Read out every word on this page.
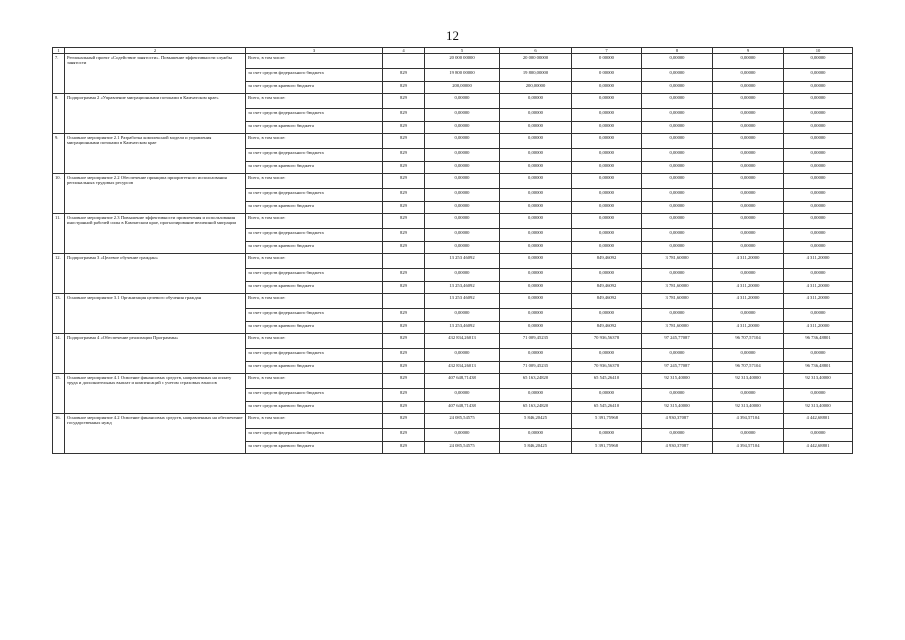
12
1	2	3	4	5	6	7	8	9	10
7.	Региональный проект «Содействие занятости». Повышение эффективности службы занятости	Всего, в том числе:		20 000 00000	20 000 00000	0 00000	0,00000	0,00000	0,00000
		за счет средств федерального бюджета	829	19 800 00000	19 800,00000	0 00000	0,00000	0,00000	0,00000
		за счет средств краевого бюджета	829	200,00000	200,00000	0,00000	0,00000	0,00000	0,00000
8.	Подпрограмма 2 «Управление миграционными потоками в Камчатском крае»	Всего, в том числе:	829	0,00000	0,00000	0,00000	0,00000	0,00000	0,00000
		за счет средств федерального бюджета	829	0,00000	0,00000	0,00000	0,00000	0,00000	0,00000
		за счет средств краевого бюджета	829	0,00000	0,00000	0,00000	0,00000	0,00000	0,00000
9.	Основное мероприятие 2.1 Разработка комплексной модели и управления миграционными потоками в Камчатском крае	Всего, в том числе:	829	0,00000	0,00000	0,00000	0,00000	0,00000	0,00000
		за счет средств федерального бюджета	829	0,00000	0,00000	0,00000	0,00000	0,00000	0,00000
		за счет средств краевого бюджета	829	0,00000	0,00000	0,00000	0,00000	0,00000	0,00000
10.	Основное мероприятие 2.2 Обеспечение принципа приоритетного использования региональных трудовых ресурсов	Всего, в том числе:	829	0,00000	0,00000	0,00000	0,00000	0,00000	0,00000
		за счет средств федерального бюджета	829	0,00000	0,00000	0,00000	0,00000	0,00000	0,00000
		за счет средств краевого бюджета	829	0,00000	0,00000	0,00000	0,00000	0,00000	0,00000
11.	Основное мероприятие 2.3 Повышение эффективности привлечения и использования иностранной рабочей силы в Камчатском крае, прогнозирование величиной миграции	Всего, в том числе:	829	0,00000	0,00000	0,00000	0,00000	0,00000	0,00000
		за счет средств федерального бюджета	829	0,00000	0,00000	0,00000	0,00000	0,00000	0,00000
		за счет средств краевого бюджета	829	0,00000	0,00000	0,00000	0,00000	0,00000	0,00000
12.	Подпрограмма 3 «Целевое обучение граждан»	Всего, в том числе:		13 253 46092	0,00000	849,46092	3 781,60000	4 311,20000	4 311,20000
		за счет средств федерального бюджета	829	0,00000	0,00000	0,00000	0,00000	0,00000	0,00000
		за счет средств краевого бюджета	829	13 253,46092	0,00000	849,46092	3 781,60000	4 311,20000	4 311,20000
13.	Основное мероприятие 3.1 Организация целевого обучения граждан	Всего, в том числе:		13 253 46092	0,00000	849,46092	3 781,60000	4 311,20000	4 311,20000
		за счет средств федерального бюджета	829	0,00000	0,00000	0,00000	0,00000	0,00000	0,00000
		за счет средств краевого бюджета	829	13 253,46092	0,00000	849,46092	3 781,60000	4 311,20000	4 311,20000
14.	Подпрограмма 4 «Обеспечение реализации Программы»	Всего, в том числе:	829	432 834,26013	71 009,45235	70 936,56378	97 245,77087	96 707,57104	96 736,48801
		за счет средств федерального бюджета	829	0,00000	0,00000	0,00000	0,00000	0,00000	0,00000
		за счет средств краевого бюджета	829	432 834,26013	71 009,45235	70 936,56378	97 245,77087	96 707,57104	96 736,48801
15.	Основное мероприятие 4.1 Освоение финансовых средств, направленных на оплату труда и дополнительных выплат и компенсаций с учетом страховых взносов	Всего, в том числе:	829	407 648,71438	65 163,24820	65 545,26410	92 315,40000	92 313,40000	92 313,40000
		за счет средств федерального бюджета	829	0,00000	0,00000	0,00000	0,00000	0,00000	0,00000
		за счет средств краевого бюджета	829	407 648,71438	65 163,24820	65 545,26410	92 315,40000	92 313,40000	92 313,40000
16.	Основное мероприятие 4.2 Освоение финансовых средств, направленных на обеспечение государственных нужд	Всего, в том числе:	829	24 085,54575	5 846,20425	5 391,75968	4 930,37087	4 394,57104	4 442,68801
		за счет средств федерального бюджета	829	0,00000	0,00000	0,00000	0,00000	0,00000	0,00000
		за счет средств краевого бюджета	829	24 085,54575	5 846,20425	5 391,75968	4 930,37087	4 394,57104	4 442,68801
